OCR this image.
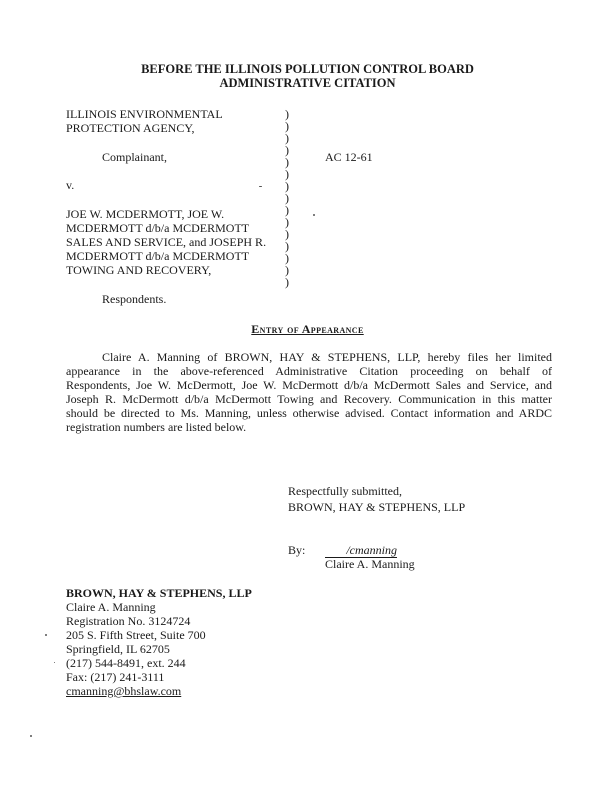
BEFORE THE ILLINOIS POLLUTION CONTROL BOARD
ADMINISTRATIVE CITATION
ILLINOIS ENVIRONMENTAL
PROTECTION AGENCY,
Complainant,
v.
AC 12-61
JOE W. MCDERMOTT, JOE W.
MCDERMOTT d/b/a MCDERMOTT
SALES AND SERVICE, and JOSEPH R.
MCDERMOTT d/b/a MCDERMOTT
TOWING AND RECOVERY,
Respondents.
)
)
)
)
)
)
)
)
)
)
)
)
)
)
)
Entry of Appearance
Claire A. Manning of BROWN, HAY & STEPHENS, LLP, hereby files her limited
appearance in the above-referenced Administrative Citation proceeding on behalf of
Respondents, Joe W. McDermott, Joe W. McDermott d/b/a McDermott Sales and Service, and
Joseph R. McDermott d/b/a McDermott Towing and Recovery. Communication in this matter
should be directed to Ms. Manning, unless otherwise advised. Contact information and ARDC
registration numbers are listed below.
Respectfully submitted,
BROWN, HAY & STEPHENS, LLP
By:	/cmanning
Claire A. Manning
BROWN, HAY & STEPHENS, LLP
Claire A. Manning
Registration No. 3124724
205 S. Fifth Street, Suite 700
Springfield, IL 62705
(217) 544-8491, ext. 244
Fax: (217) 241-3111
cmanning@bhslaw.com
